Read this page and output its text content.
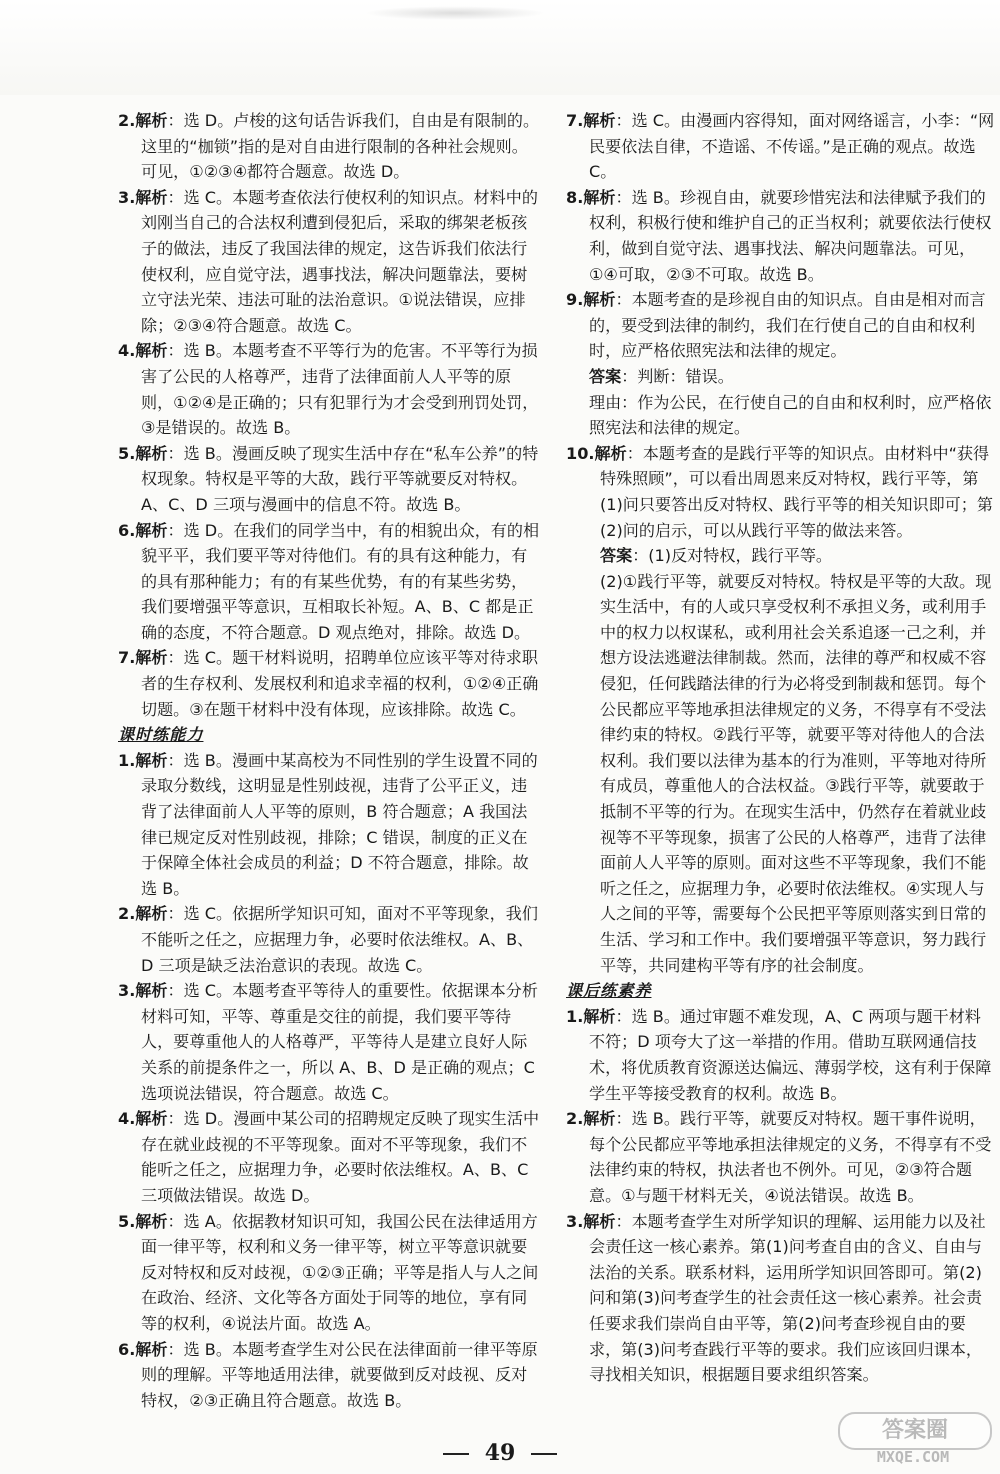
2.解析：选 D。卢梭的这句话告诉我们，自由是有限制的。这里的“枷锁”指的是对自由进行限制的各种社会规则。可见，①②③④都符合题意。故选 D。
3.解析：选 C。本题考查依法行使权利的知识点。材料中的刘刚当自己的合法权利遭到侵犯后，采取的绑架老板孩子的做法，违反了我国法律的规定，这告诉我们依法行使权利，应自觉守法，遇事找法，解决问题靠法，要树立守法光荣、违法可耻的法治意识。①说法错误，应排除；②③④符合题意。故选 C。
4.解析：选 B。本题考查不平等行为的危害。不平等行为损害了公民的人格尊严，违背了法律面前人人平等的原则，①②④是正确的；只有犯罪行为才会受到刑罚处罚，③是错误的。故选 B。
5.解析：选 B。漫画反映了现实生活中存在“私车公养”的特权现象。特权是平等的大敌，践行平等就要反对特权。A、C、D 三项与漫画中的信息不符。故选 B。
6.解析：选 D。在我们的同学当中，有的相貌出众，有的相貌平平，我们要平等对待他们。有的具有这种能力，有的具有那种能力；有的有某些优势，有的有某些劣势，我们要增强平等意识，互相取长补短。A、B、C 都是正确的态度，不符合题意。D 观点绝对，排除。故选 D。
7.解析：选 C。题干材料说明，招聘单位应该平等对待求职者的生存权利、发展权利和追求幸福的权利，①②④正确切题。③在题干材料中没有体现，应该排除。故选 C。
课时练能力
1.解析：选 B。漫画中某高校为不同性别的学生设置不同的录取分数线，这明显是性别歧视，违背了公平正义，违背了法律面前人人平等的原则，B 符合题意；A 我国法律已规定反对性别歧视，排除；C 错误，制度的正义在于保障全体社会成员的利益；D 不符合题意，排除。故选 B。
2.解析：选 C。依据所学知识可知，面对不平等现象，我们不能听之任之，应据理力争，必要时依法维权。A、B、D 三项是缺乏法治意识的表现。故选 C。
3.解析：选 C。本题考查平等待人的重要性。依据课本分析材料可知，平等、尊重是交往的前提，我们要平等待人，要尊重他人的人格尊严，平等待人是建立良好人际关系的前提条件之一，所以 A、B、D 是正确的观点；C 选项说法错误，符合题意。故选 C。
4.解析：选 D。漫画中某公司的招聘规定反映了现实生活中存在就业歧视的不平等现象。面对不平等现象，我们不能听之任之，应据理力争，必要时依法维权。A、B、C 三项做法错误。故选 D。
5.解析：选 A。依据教材知识可知，我国公民在法律适用方面一律平等，权利和义务一律平等，树立平等意识就要反对特权和反对歧视，①②③正确；平等是指人与人之间在政治、经济、文化等各方面处于同等的地位，享有同等的权利，④说法片面。故选 A。
6.解析：选 B。本题考查学生对公民在法律面前一律平等原则的理解。平等地适用法律，就要做到反对歧视、反对特权，②③正确且符合题意。故选 B。
7.解析：选 C。由漫画内容得知，面对网络谣言，小李：“网民要依法自律，不造谣、不传谣。”是正确的观点。故选 C。
8.解析：选 B。珍视自由，就要珍惜宪法和法律赋予我们的权利，积极行使和维护自己的正当权利；就要依法行使权利，做到自觉守法、遇事找法、解决问题靠法。可见，①④可取，②③不可取。故选 B。
9.解析：本题考查的是珍视自由的知识点。自由是相对而言的，要受到法律的制约，我们在行使自己的自由和权利时，应严格依照宪法和法律的规定。
答案：判断：错误。
理由：作为公民，在行使自己的自由和权利时，应严格依照宪法和法律的规定。
10.解析：本题考查的是践行平等的知识点。由材料中“获得特殊照顾”，可以看出周恩来反对特权，践行平等，第(1)问只要答出反对特权、践行平等的相关知识即可；第(2)问的启示，可以从践行平等的做法来答。
答案：(1)反对特权，践行平等。
(2)①践行平等，就要反对特权。特权是平等的大敌。现实生活中，有的人或只享受权利不承担义务，或利用手中的权力以权谋私，或利用社会关系追逐一己之利，并想方设法逃避法律制裁。然而，法律的尊严和权威不容侵犯，任何践踏法律的行为必将受到制裁和惩罚。每个公民都应平等地承担法律规定的义务，不得享有不受法律约束的特权。②践行平等，就要平等对待他人的合法权利。我们要以法律为基本的行为准则，平等地对待所有成员，尊重他人的合法权益。③践行平等，就要敢于抵制不平等的行为。在现实生活中，仍然存在着就业歧视等不平等现象，损害了公民的人格尊严，违背了法律面前人人平等的原则。面对这些不平等现象，我们不能听之任之，应据理力争，必要时依法维权。④实现人与人之间的平等，需要每个公民把平等原则落实到日常的生活、学习和工作中。我们要增强平等意识，努力践行平等，共同建构平等有序的社会制度。
课后练素养
1.解析：选 B。通过审题不难发现，A、C 两项与题干材料不符；D 项夸大了这一举措的作用。借助互联网通信技术，将优质教育资源送达偏远、薄弱学校，这有利于保障学生平等接受教育的权利。故选 B。
2.解析：选 B。践行平等，就要反对特权。题干事件说明，每个公民都应平等地承担法律规定的义务，不得享有不受法律约束的特权，执法者也不例外。可见，②③符合题意。①与题干材料无关，④说法错误。故选 B。
3.解析：本题考查学生对所学知识的理解、运用能力以及社会责任这一核心素养。第(1)问考查自由的含义、自由与法治的关系。联系材料，运用所学知识回答即可。第(2)问和第(3)问考查学生的社会责任这一核心素养。社会责任要求我们崇尚自由平等，第(2)问考查珍视自由的要求，第(3)问考查践行平等的要求。我们应该回归课本，寻找相关知识，根据题目要求组织答案。
49
答案圈
MXQE.COM
